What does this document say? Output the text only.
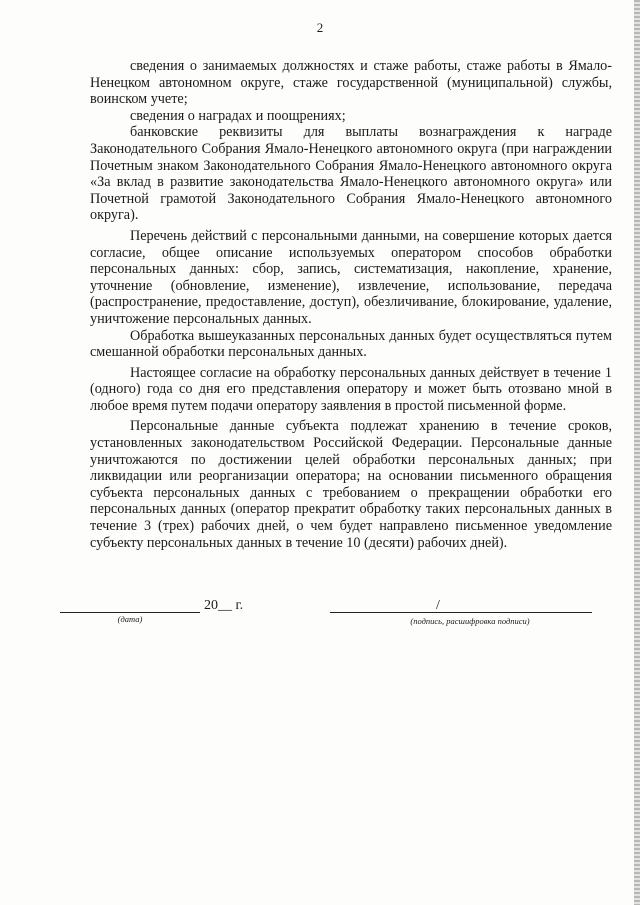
2

сведения о занимаемых должностях и стаже работы, стаже работы в Ямало-Ненецком автономном округе, стаже государственной (муниципальной) службы, воинском учете;

сведения о наградах и поощрениях;

банковские реквизиты для выплаты вознаграждения к награде Законодательного Собрания Ямало-Ненецкого автономного округа (при награждении Почетным знаком Законодательного Собрания Ямало-Ненецкого автономного округа «За вклад в развитие законодательства Ямало-Ненецкого автономного округа» или Почетной грамотой Законодательного Собрания Ямало-Ненецкого автономного округа).

Перечень действий с персональными данными, на совершение которых дается согласие, общее описание используемых оператором способов обработки персональных данных: сбор, запись, систематизация, накопление, хранение, уточнение (обновление, изменение), извлечение, использование, передача (распространение, предоставление, доступ), обезличивание, блокирование, удаление, уничтожение персональных данных.

Обработка вышеуказанных персональных данных будет осуществляться путем смешанной обработки персональных данных.

Настоящее согласие на обработку персональных данных действует в течение 1 (одного) года со дня его представления оператору и может быть отозвано мной в любое время путем подачи оператору заявления в простой письменной форме.

Персональные данные субъекта подлежат хранению в течение сроков, установленных законодательством Российской Федерации. Персональные данные уничтожаются по достижении целей обработки персональных данных; при ликвидации или реорганизации оператора; на основании письменного обращения субъекта персональных данных с требованием о прекращении обработки его персональных данных (оператор прекратит обработку таких персональных данных в течение 3 (трех) рабочих дней, о чем будет направлено письменное уведомление субъекту персональных данных в течение 10 (десяти) рабочих дней).

20__ г.
(дата)
/
(подпись, расшифровка подписи)
